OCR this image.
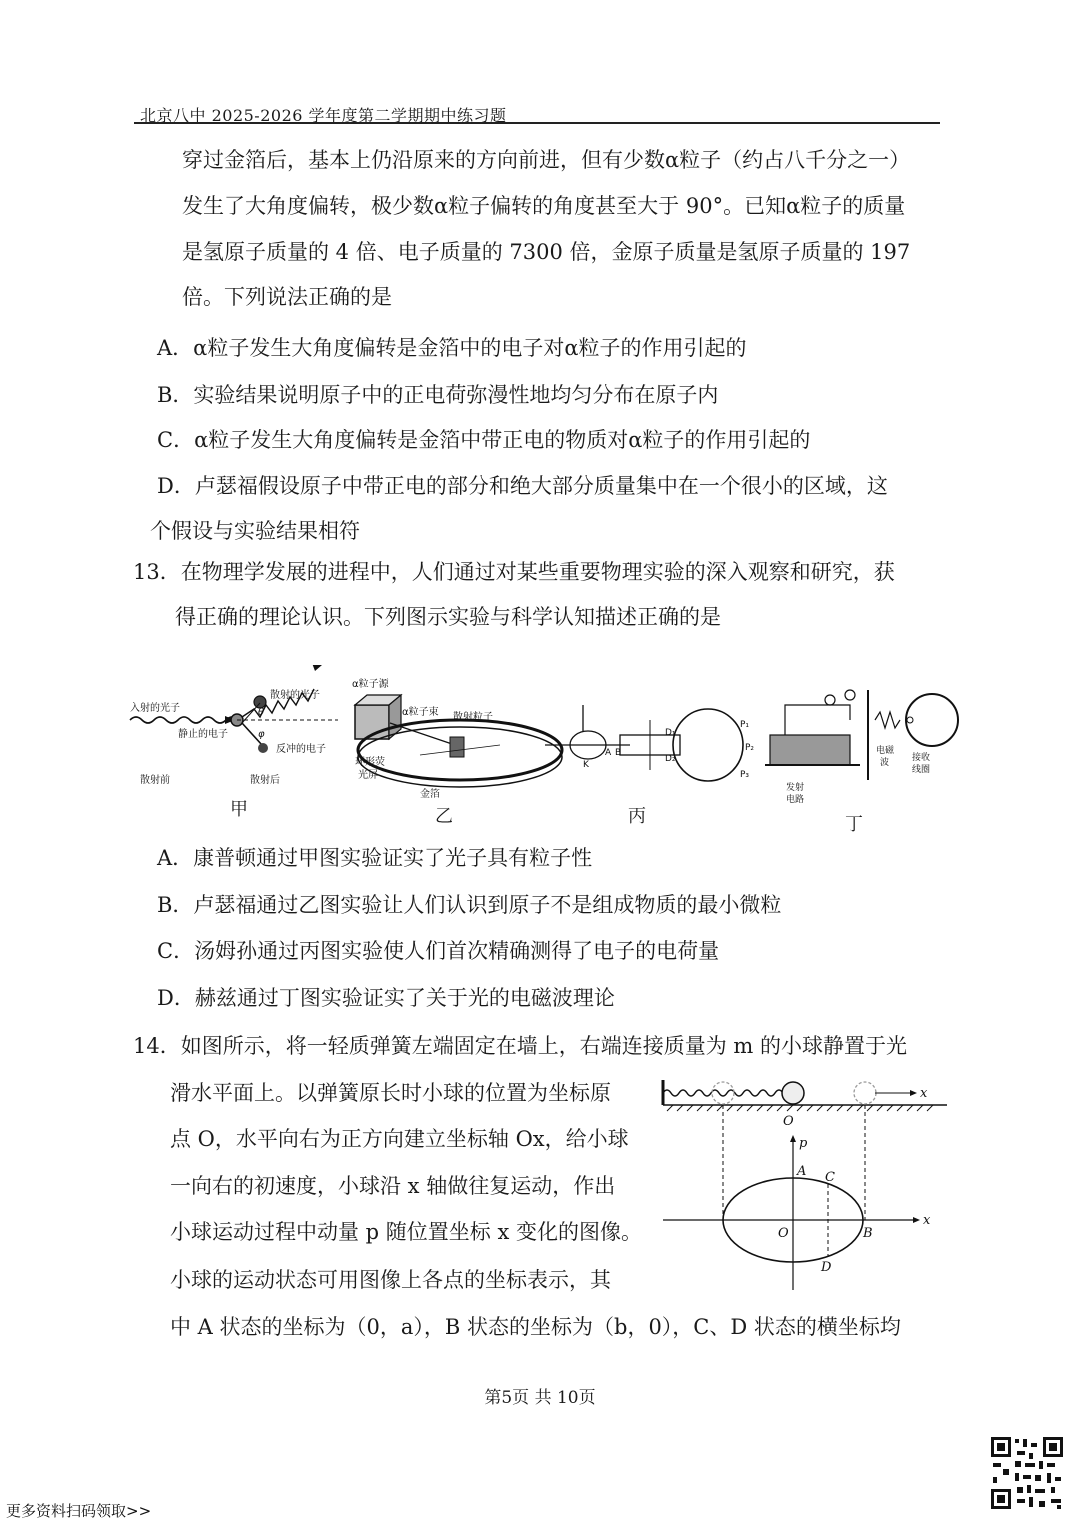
北京八中 2025-2026 学年度第二学期期中练习题
穿过金箔后，基本上仍沿原来的方向前进，但有少数α粒子（约占八千分之一）
发生了大角度偏转，极少数α粒子偏转的角度甚至大于 90°。已知α粒子的质量
是氢原子质量的 4 倍、电子质量的 7300 倍，金原子质量是氢原子质量的 197
倍。下列说法正确的是
A．α粒子发生大角度偏转是金箔中的电子对α粒子的作用引起的
B．实验结果说明原子中的正电荷弥漫性地均匀分布在原子内
C．α粒子发生大角度偏转是金箔中带正电的物质对α粒子的作用引起的
D．卢瑟福假设原子中带正电的部分和绝大部分质量集中在一个很小的区域，这
个假设与实验结果相符
13．在物理学发展的进程中，人们通过对某些重要物理实验的深入观察和研究，获
得正确的理论认识。下列图示实验与科学认知描述正确的是
入射的光子
散射的光子
静止的电子
反冲的电子
散射前	散射后
θ
φ
α粒子源
α粒子束 散射粒子
环形荧
光屏
金箔
K
A B
D₁
D₂
P₁
P₂
P₃
发射
电路
电磁
波	接收
线圈
甲	乙	丙	丁
A．康普顿通过甲图实验证实了光子具有粒子性
B．卢瑟福通过乙图实验让人们认识到原子不是组成物质的最小微粒
C．汤姆孙通过丙图实验使人们首次精确测得了电子的电荷量
D．赫兹通过丁图实验证实了关于光的电磁波理论
14．如图所示，将一轻质弹簧左端固定在墙上，右端连接质量为 m 的小球静置于光
滑水平面上。以弹簧原长时小球的位置为坐标原
点 O，水平向右为正方向建立坐标轴 Ox，给小球
一向右的初速度，小球沿 x 轴做往复运动，作出
小球运动过程中动量 p 随位置坐标 x 变化的图像。
小球的运动状态可用图像上各点的坐标表示，其
中 A 状态的坐标为（0，a），B 状态的坐标为（b，0），C、D 状态的横坐标均
x
O
x
p
O
A C
B
D
第5页 共 10页
更多资料扫码领取>>
